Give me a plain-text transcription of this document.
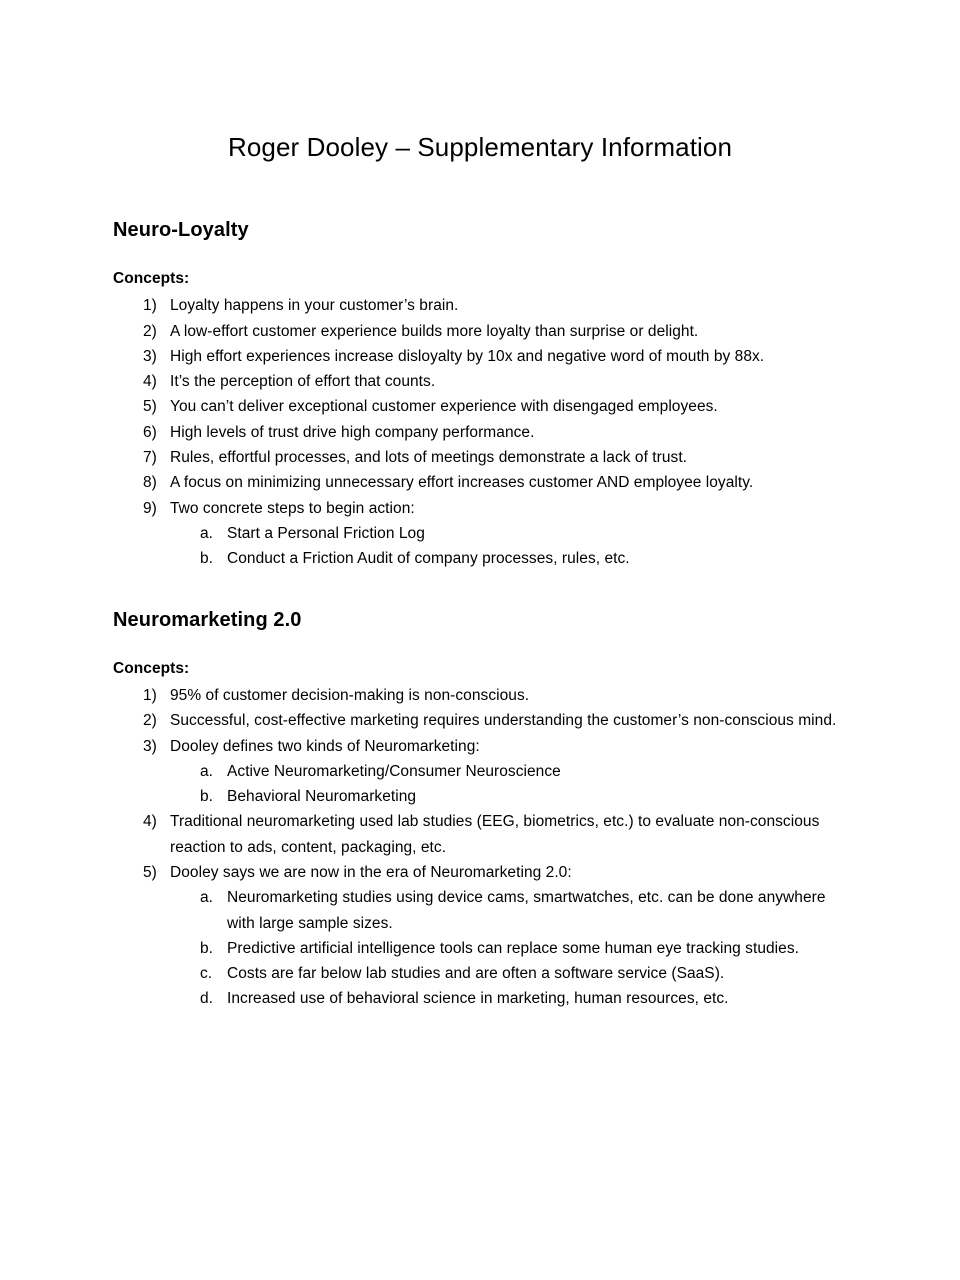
Roger Dooley – Supplementary Information
Neuro-Loyalty

Concepts:

1) Loyalty happens in your customer’s brain.
2) A low-effort customer experience builds more loyalty than surprise or delight.
3) High effort experiences increase disloyalty by 10x and negative word of mouth by 88x.
4) It’s the perception of effort that counts.
5) You can’t deliver exceptional customer experience with disengaged employees.
6) High levels of trust drive high company performance.
7) Rules, effortful processes, and lots of meetings demonstrate a lack of trust.
8) A focus on minimizing unnecessary effort increases customer AND employee loyalty.
9) Two concrete steps to begin action:
a. Start a Personal Friction Log
b. Conduct a Friction Audit of company processes, rules, etc.
Neuromarketing 2.0

Concepts:

1) 95% of customer decision-making is non-conscious.
2) Successful, cost-effective marketing requires understanding the customer’s non-conscious mind.
3) Dooley defines two kinds of Neuromarketing:
a. Active Neuromarketing/Consumer Neuroscience
b. Behavioral Neuromarketing
4) Traditional neuromarketing used lab studies (EEG, biometrics, etc.) to evaluate non-conscious reaction to ads, content, packaging, etc.
5) Dooley says we are now in the era of Neuromarketing 2.0:
a. Neuromarketing studies using device cams, smartwatches, etc. can be done anywhere with large sample sizes.
b. Predictive artificial intelligence tools can replace some human eye tracking studies.
c. Costs are far below lab studies and are often a software service (SaaS).
d. Increased use of behavioral science in marketing, human resources, etc.
